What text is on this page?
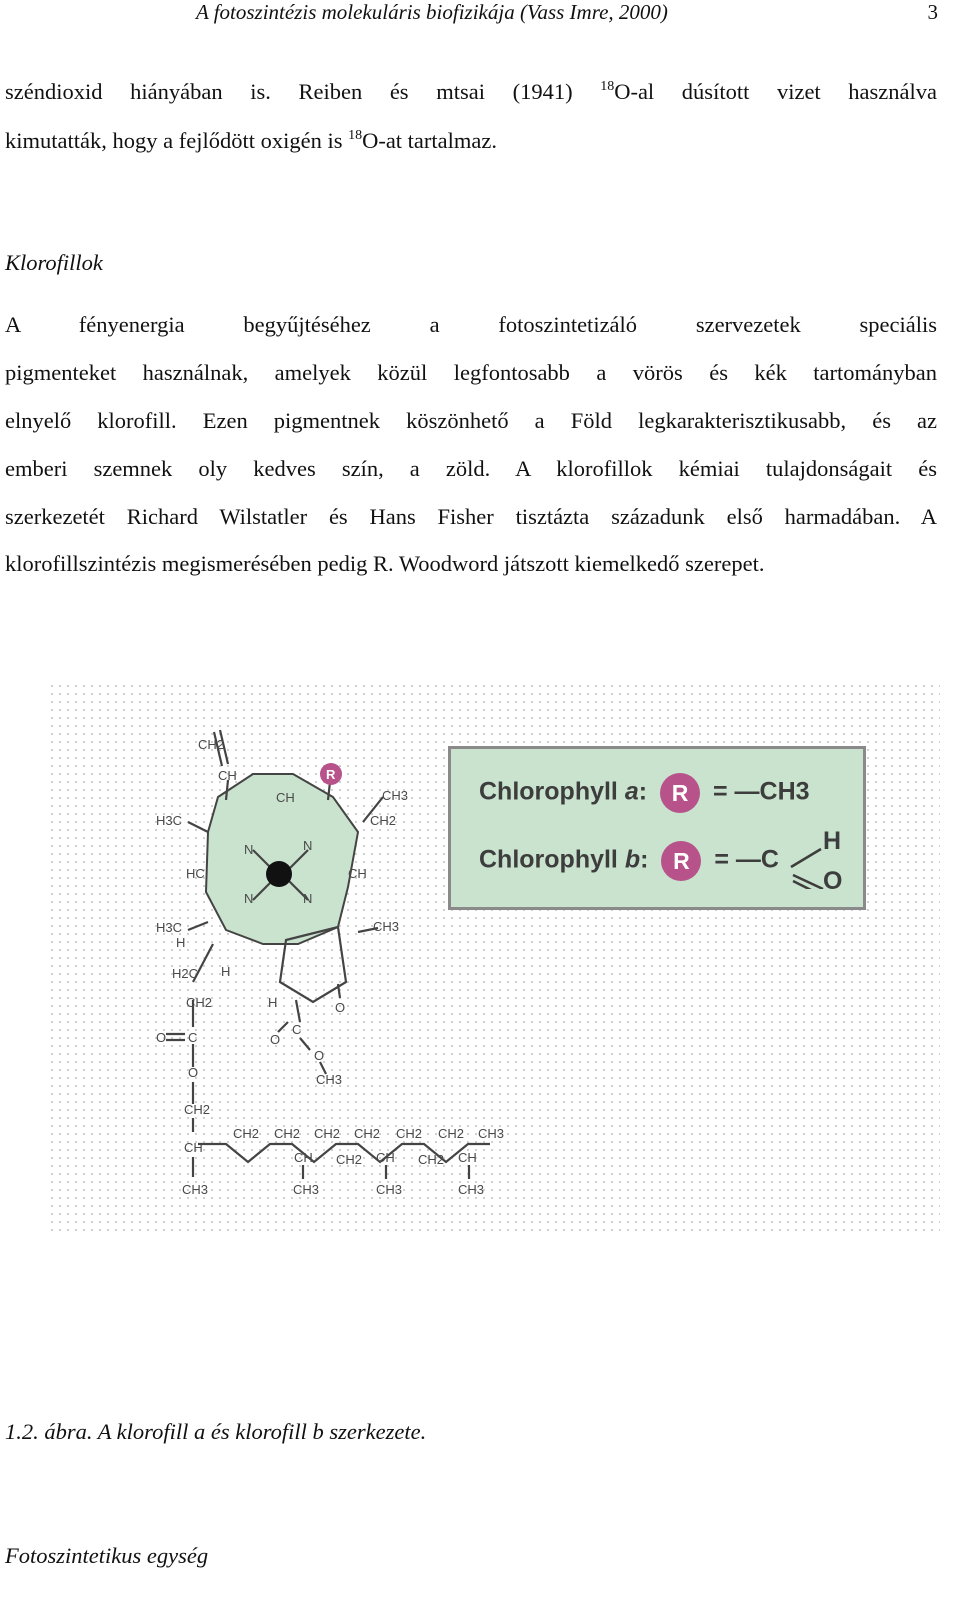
A fotoszintézis molekuláris biofizikája (Vass Imre, 2000)	3
széndioxid hiányában is. Reiben és mtsai (1941) $^{18}$O-al dúsított vizet használva
kimutatták, hogy a fejlődött oxigén is $^{18}$O-at tartalmaz.
Klorofillok
A fényenergia begyűjtéséhez a fotoszintetizáló szervezetek speciális
pigmenteket használnak, amelyek közül legfontosabb a vörös és kék tartományban
elnyelő klorofill. Ezen pigmentnek köszönhető a Föld legkarakterisztikusabb, és az
emberi szemnek oly kedves szín, a zöld. A klorofillok kémiai tulajdonságait és
szerkezetét Richard Wilstatler és Hans Fisher tisztázta századunk első harmadában. A
klorofillszintézis megismerésében pedig R. Woodword játszott kiemelkedő szerepet.
CH2
CH	R
CH	CH3
CH2
H3C
N	N
HC	CH
N	N
H3C
H
CH3
H2C H
H	O
CH2
C
O C	O
O
O	CH3
CH2
CH
CH2 CH2 CH2 CH2 CH2 CH2 CH3
CH CH2 CH CH2 CH
CH3	CH3	CH3	CH3
Chlorophyll a: R = —CH3
Chlorophyll b: R = —C
H
O
1.2. ábra. A klorofill a és klorofill b szerkezete.
Fotoszintetikus egység
